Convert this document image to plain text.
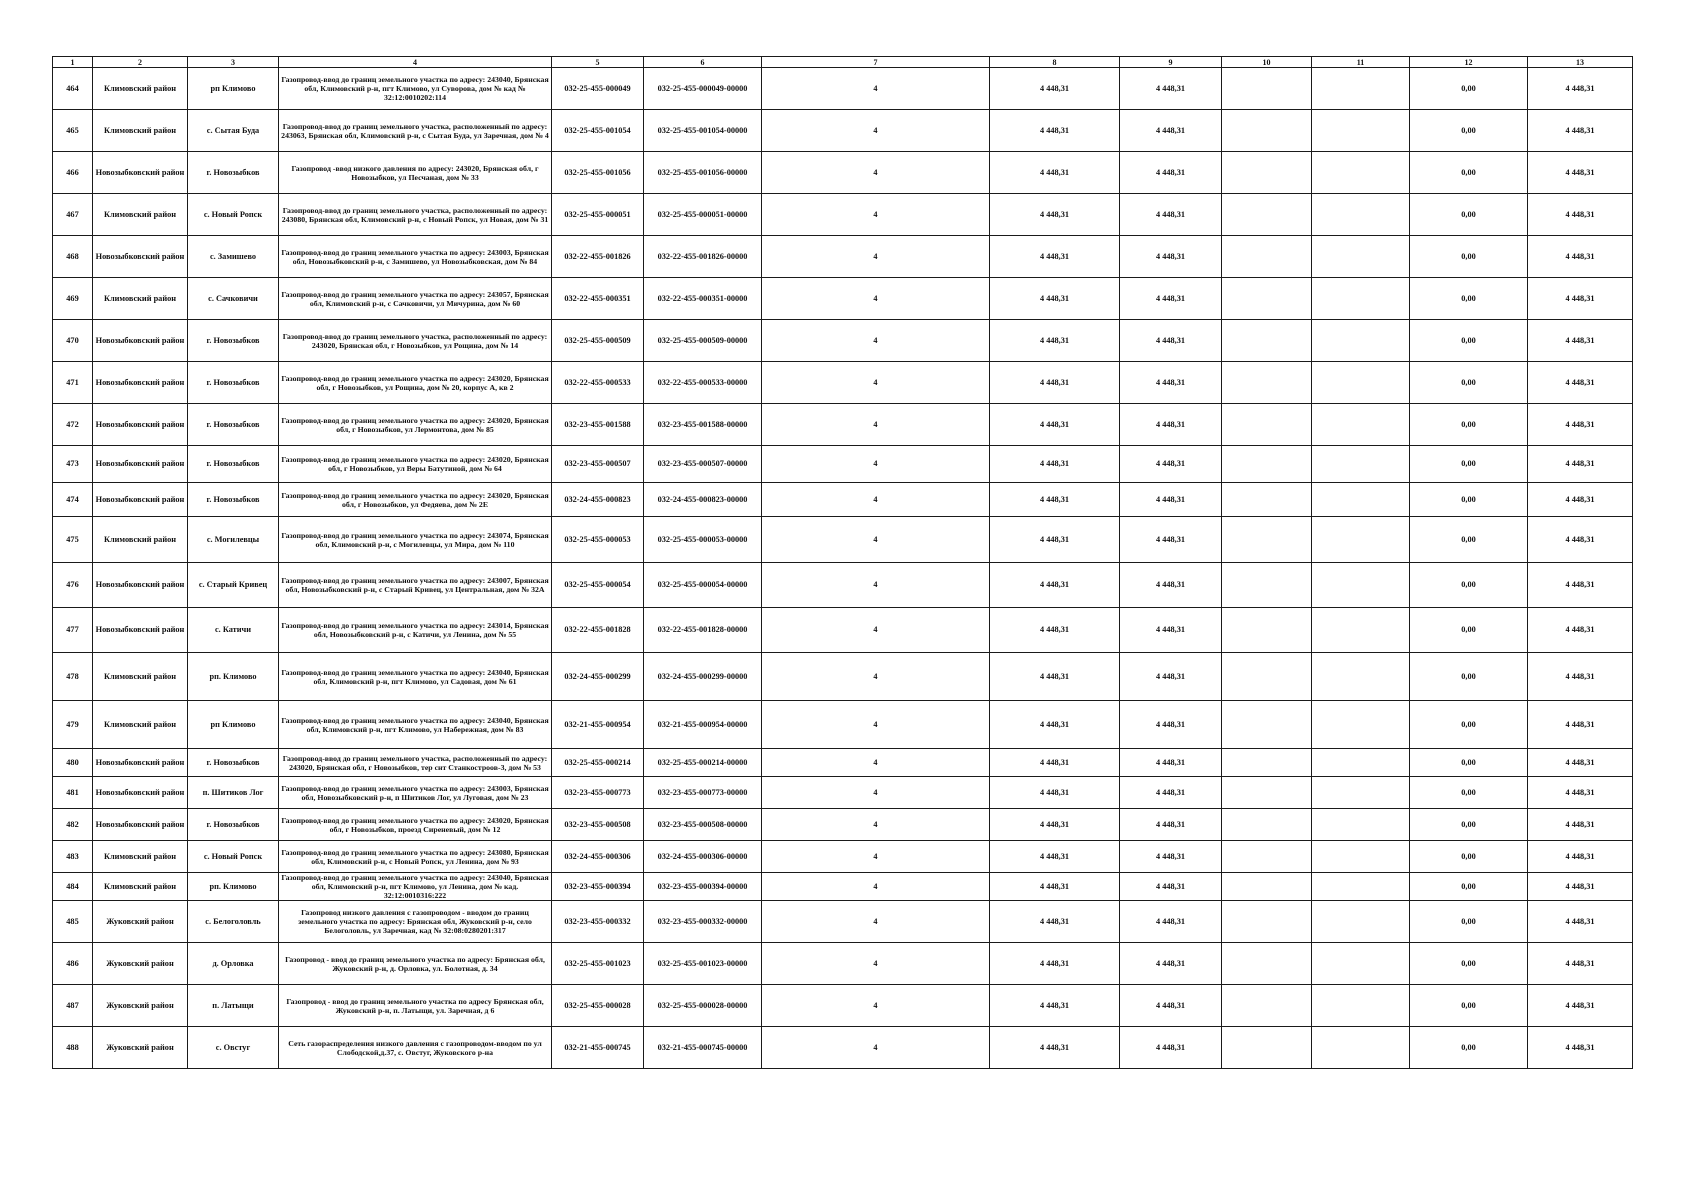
1	2	3	4	5	6	7	8	9	10	11	12	13
464	Климовский район	рп Климово	Газопровод-ввод до границ земельного участка по адресу: 243040, Брянская обл, Климовский р-н, пгт Климово, ул Суворова, дом № кад № 32:12:0010202:114	032-25-455-000049	032-25-455-000049-00000	4	4 448,31	4 448,31			0,00	4 448,31
465	Климовский район	с. Сытая Буда	Газопровод-ввод до границ земельного участка, расположенный по адресу: 243063, Брянская обл, Климовский р-н, с Сытая Буда, ул Заречная, дом № 4	032-25-455-001054	032-25-455-001054-00000	4	4 448,31	4 448,31			0,00	4 448,31
466	Новозыбковский район	г. Новозыбков	Газопровод -ввод низкого давления по адресу: 243020, Брянская обл, г Новозыбков, ул Песчаная, дом № 33	032-25-455-001056	032-25-455-001056-00000	4	4 448,31	4 448,31			0,00	4 448,31
467	Климовский район	с. Новый Ропск	Газопровод-ввод до границ земельного участка, расположенный по адресу: 243080, Брянская обл, Климовский р-н, с Новый Ропск, ул Новая, дом № 31	032-25-455-000051	032-25-455-000051-00000	4	4 448,31	4 448,31			0,00	4 448,31
468	Новозыбковский район	с. Замишево	Газопровод-ввод до границ земельного участка по адресу: 243003, Брянская обл, Новозыбковский р-н, с Замишево, ул Новозыбковская, дом № 84	032-22-455-001826	032-22-455-001826-00000	4	4 448,31	4 448,31			0,00	4 448,31
469	Климовский район	с. Сачковичи	Газопровод-ввод до границ земельного участка по адресу: 243057, Брянская обл, Климовский р-н, с Сачковичи, ул Мичурина, дом № 60	032-22-455-000351	032-22-455-000351-00000	4	4 448,31	4 448,31			0,00	4 448,31
470	Новозыбковский район	г. Новозыбков	Газопровод-ввод до границ земельного участка, расположенный по адресу: 243020, Брянская обл, г Новозыбков, ул Рощина, дом № 14	032-25-455-000509	032-25-455-000509-00000	4	4 448,31	4 448,31			0,00	4 448,31
471	Новозыбковский район	г. Новозыбков	Газопровод-ввод до границ земельного участка по адресу: 243020, Брянская обл, г Новозыбков, ул Рощина, дом № 20, корпус А, кв 2	032-22-455-000533	032-22-455-000533-00000	4	4 448,31	4 448,31			0,00	4 448,31
472	Новозыбковский район	г. Новозыбков	Газопровод-ввод до границ земельного участка по адресу: 243020, Брянская обл, г Новозыбков, ул Лермонтова, дом № 85	032-23-455-001588	032-23-455-001588-00000	4	4 448,31	4 448,31			0,00	4 448,31
473	Новозыбковский район	г. Новозыбков	Газопровод-ввод до границ земельного участка по адресу: 243020, Брянская обл, г Новозыбков, ул Веры Батутиной, дом № 64	032-23-455-000507	032-23-455-000507-00000	4	4 448,31	4 448,31			0,00	4 448,31
474	Новозыбковский район	г. Новозыбков	Газопровод-ввод до границ земельного участка по адресу: 243020, Брянская обл, г Новозыбков, ул Федяева, дом № 2Е	032-24-455-000823	032-24-455-000823-00000	4	4 448,31	4 448,31			0,00	4 448,31
475	Климовский район	с. Могилевцы	Газопровод-ввод до границ земельного участка по адресу: 243074, Брянская обл, Климовский р-н, с Могилевцы, ул Мира, дом № 110	032-25-455-000053	032-25-455-000053-00000	4	4 448,31	4 448,31			0,00	4 448,31
476	Новозыбковский район	с. Старый Кривец	Газопровод-ввод до границ земельного участка по адресу: 243007, Брянская обл, Новозыбковский р-н, с Старый Кривец, ул Центральная, дом № 32А	032-25-455-000054	032-25-455-000054-00000	4	4 448,31	4 448,31			0,00	4 448,31
477	Новозыбковский район	с. Катичи	Газопровод-ввод до границ земельного участка по адресу: 243014, Брянская обл, Новозыбковский р-н, с Катичи, ул Ленина, дом № 55	032-22-455-001828	032-22-455-001828-00000	4	4 448,31	4 448,31			0,00	4 448,31
478	Климовский район	рп. Климово	Газопровод-ввод до границ земельного участка по адресу: 243040, Брянская обл, Климовский р-н, пгт Климово, ул Садовая, дом № 61	032-24-455-000299	032-24-455-000299-00000	4	4 448,31	4 448,31			0,00	4 448,31
479	Климовский район	рп Климово	Газопровод-ввод до границ земельного участка по адресу: 243040, Брянская обл, Климовский р-н, пгт Климово, ул Набережная, дом № 83	032-21-455-000954	032-21-455-000954-00000	4	4 448,31	4 448,31			0,00	4 448,31
480	Новозыбковский район	г. Новозыбков	Газопровод-ввод до границ земельного участка, расположенный по адресу: 243020, Брянская обл, г Новозыбков, тер снт Станкостроов-3, дом № 53	032-25-455-000214	032-25-455-000214-00000	4	4 448,31	4 448,31			0,00	4 448,31
481	Новозыбковский район	п. Шитиков Лог	Газопровод-ввод до границ земельного участка по адресу: 243003, Брянская обл, Новозыбковский р-н, п Шитиков Лог, ул Луговая, дом № 23	032-23-455-000773	032-23-455-000773-00000	4	4 448,31	4 448,31			0,00	4 448,31
482	Новозыбковский район	г. Новозыбков	Газопровод-ввод до границ земельного участка по адресу: 243020, Брянская обл, г Новозыбков, проезд Сиреневый, дом № 12	032-23-455-000508	032-23-455-000508-00000	4	4 448,31	4 448,31			0,00	4 448,31
483	Климовский район	с. Новый Ропск	Газопровод-ввод до границ земельного участка по адресу: 243080, Брянская обл, Климовский р-н, с Новый Ропск, ул Ленина, дом № 93	032-24-455-000306	032-24-455-000306-00000	4	4 448,31	4 448,31			0,00	4 448,31
484	Климовский район	рп. Климово	Газопровод-ввод до границ земельного участка по адресу: 243040, Брянская обл, Климовский р-н, пгт Климово, ул Ленина, дом № кад. 32:12:0010316:222	032-23-455-000394	032-23-455-000394-00000	4	4 448,31	4 448,31			0,00	4 448,31
485	Жуковский район	с. Белоголовль	Газопровод низкого давления с газопроводом - вводом до границ земельного участка по адресу: Брянская обл, Жуковский р-н, село Белоголовль, ул Заречная, кад № 32:08:0280201:317	032-23-455-000332	032-23-455-000332-00000	4	4 448,31	4 448,31			0,00	4 448,31
486	Жуковский район	д. Орловка	Газопровод - ввод до границ земельного участка по адресу: Брянская обл, Жуковский р-н, д. Орловка, ул. Болотная, д. 34	032-25-455-001023	032-25-455-001023-00000	4	4 448,31	4 448,31			0,00	4 448,31
487	Жуковский район	п. Латыщи	Газопровод - ввод до границ земельного участка по адресу Брянская обл, Жуковский р-н, п. Латыщи, ул. Заречная, д 6	032-25-455-000028	032-25-455-000028-00000	4	4 448,31	4 448,31			0,00	4 448,31
488	Жуковский район	с. Овстуг	Сеть газораспределения низкого давления с газопроводом-вводом по ул Слободской,д.37, с. Овстуг, Жуковского р-на	032-21-455-000745	032-21-455-000745-00000	4	4 448,31	4 448,31			0,00	4 448,31
